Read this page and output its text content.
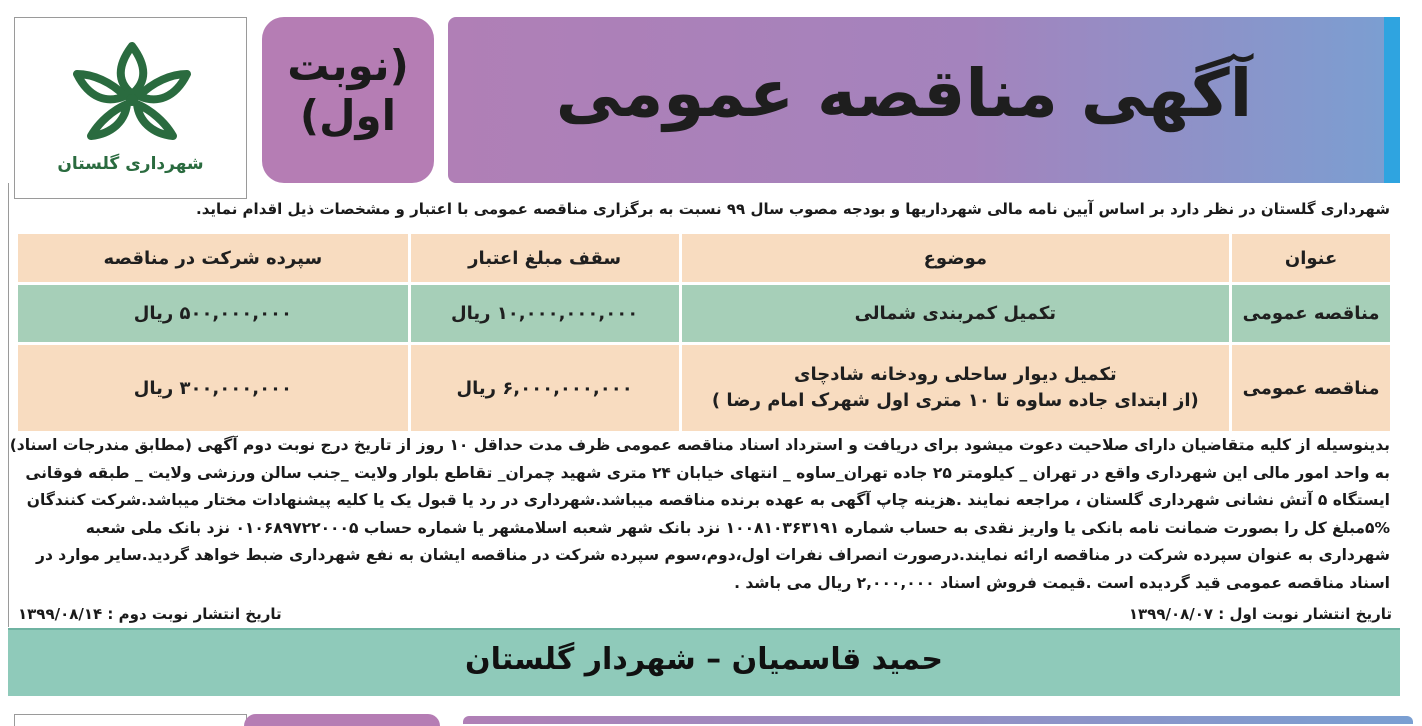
شهرداری گلستان
(نوبت
اول)	آگهی مناقصه عمومی
شهرداری گلستان در نظر دارد بر اساس آیین نامه مالی شهرداریها و بودجه مصوب سال ۹۹ نسبت به برگزاری مناقصه عمومی با اعتبار و مشخصات ذیل اقدام نماید.
عنوان
مناقصه عمومی
مناقصه عمومی
موضوع
تکمیل کمربندی شمالی
تکمیل دیوار ساحلی رودخانه شادچای
(از ابتدای جاده ساوه تا ۱۰ متری اول شهرک امام رضا )
سقف مبلغ اعتبار
۱۰,۰۰۰,۰۰۰,۰۰۰ ریال
۶,۰۰۰,۰۰۰,۰۰۰ ریال
سپرده شرکت در مناقصه
۵۰۰,۰۰۰,۰۰۰ ریال
۳۰۰,۰۰۰,۰۰۰ ریال
بدینوسیله از کلیه متقاضیان دارای صلاحیت دعوت میشود برای دریافت و استرداد اسناد مناقصه عمومی ظرف مدت حداقل ۱۰ روز از تاریخ درج نوبت دوم آگهی (مطابق مندرجات اسناد)
به واحد امور مالی این شهرداری واقع در تهران _ کیلومتر ۲۵ جاده تهران_ساوه _ انتهای خیابان ۲۴ متری شهید چمران_ تقاطع بلوار ولایت _جنب سالن ورزشی ولایت _ طبقه فوقانی
ایستگاه ۵ آتش نشانی شهرداری گلستان ، مراجعه نمایند .هزینه چاپ آگهی به عهده برنده مناقصه میباشد.شهرداری در رد یا قبول یک یا کلیه پیشنهادات مختار میباشد.شرکت کنندگان
۵%مبلغ کل را بصورت ضمانت نامه بانکی یا واریز نقدی به حساب شماره ۱۰۰۸۱۰۳۶۳۱۹۱ نزد بانک شهر شعبه اسلامشهر یا شماره حساب ۰۱۰۶۸۹۷۲۲۰۰۰۵ نزد بانک ملی شعبه
شهرداری به عنوان سپرده شرکت در مناقصه ارائه نمایند.درصورت انصراف نفرات اول،دوم،سوم سپرده شرکت در مناقصه ایشان به نفع شهرداری ضبط خواهد گردید.سایر موارد در
اسناد مناقصه عمومی قید گردیده است .قیمت فروش اسناد ۲,۰۰۰,۰۰۰ ریال می باشد .
تاریخ انتشار نوبت اول : ۱۳۹۹/۰۸/۰۷
تاریخ انتشار نوبت دوم : ۱۳۹۹/۰۸/۱۴
حمید قاسمیان – شهردار گلستان
